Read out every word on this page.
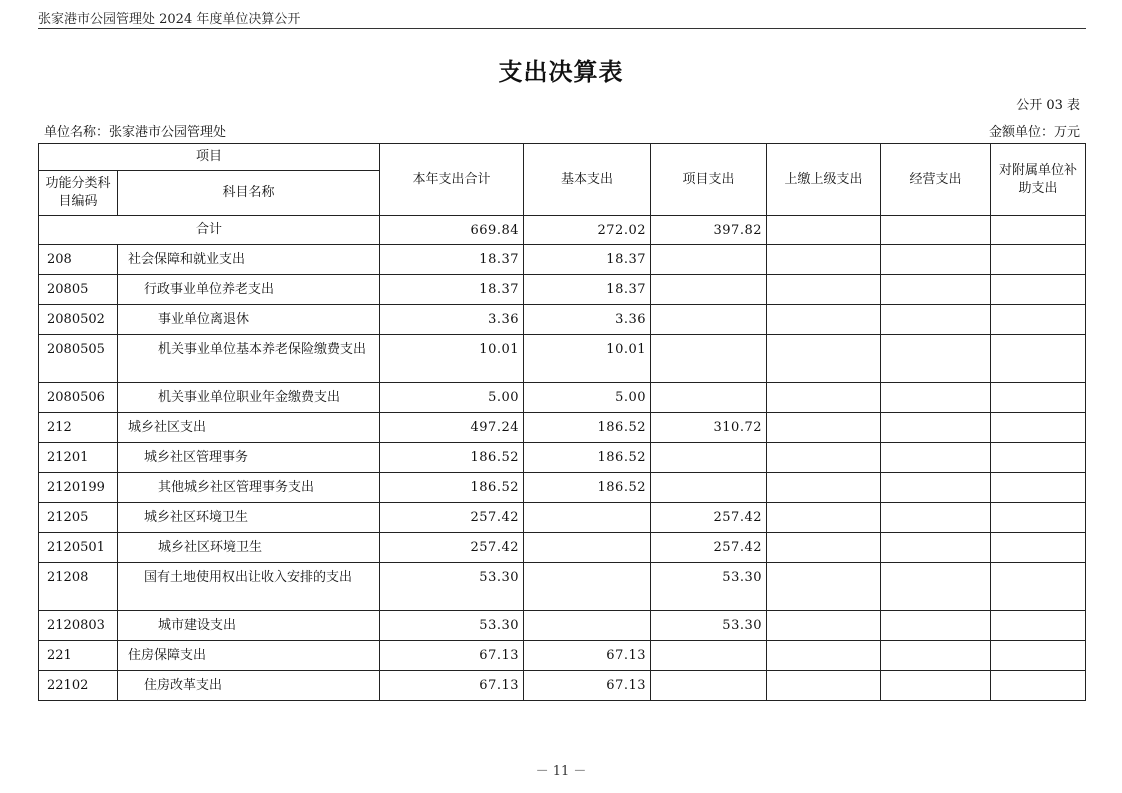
张家港市公园管理处 2024 年度单位决算公开
支出决算表
公开 03 表
单位名称：张家港市公园管理处	金额单位：万元
项目		本年支出合计	基本支出	项目支出	上缴上级支出	经营支出	对附属单位补助支出
功能分类科目编码	科目名称						
合计		669.84	272.02	397.82			
208	社会保障和就业支出	18.37	18.37				
20805	行政事业单位养老支出	18.37	18.37				
2080502	事业单位离退休	3.36	3.36				
2080505	机关事业单位基本养老保险缴费支出	10.01	10.01				
2080506	机关事业单位职业年金缴费支出	5.00	5.00				
212	城乡社区支出	497.24	186.52	310.72			
21201	城乡社区管理事务	186.52	186.52				
2120199	其他城乡社区管理事务支出	186.52	186.52				
21205	城乡社区环境卫生	257.42		257.42			
2120501	城乡社区环境卫生	257.42		257.42			
21208	国有土地使用权出让收入安排的支出	53.30		53.30			
2120803	城市建设支出	53.30		53.30			
221	住房保障支出	67.13	67.13				
22102	住房改革支出	67.13	67.13				
－ 11 －
